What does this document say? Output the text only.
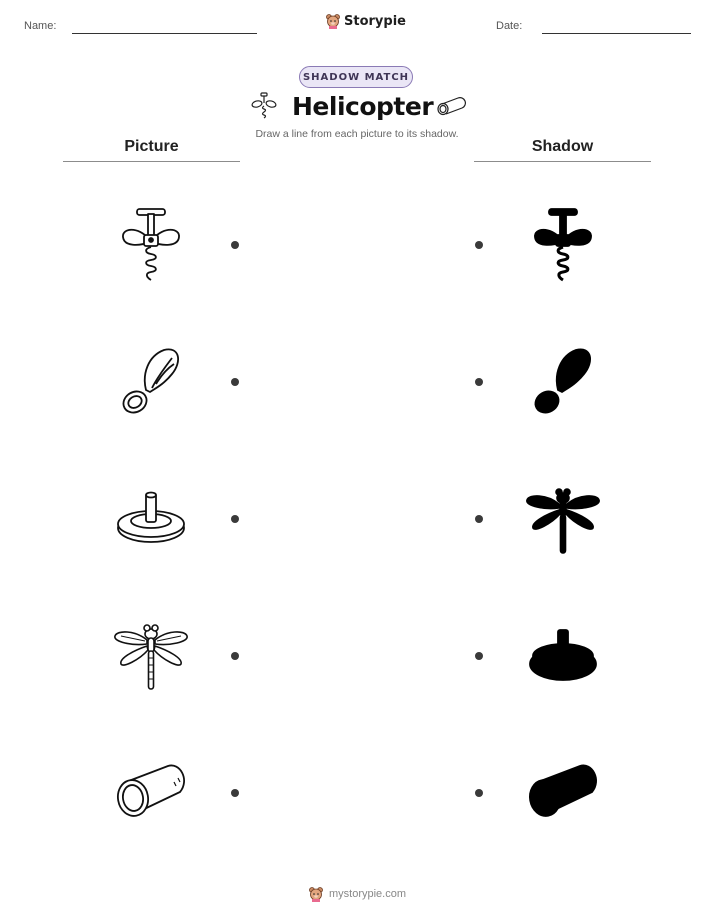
Name:	Storypie	Date:
SHADOW MATCH
Helicopter
Draw a line from each picture to its shadow.
Picture	Shadow
mystorypie.com
